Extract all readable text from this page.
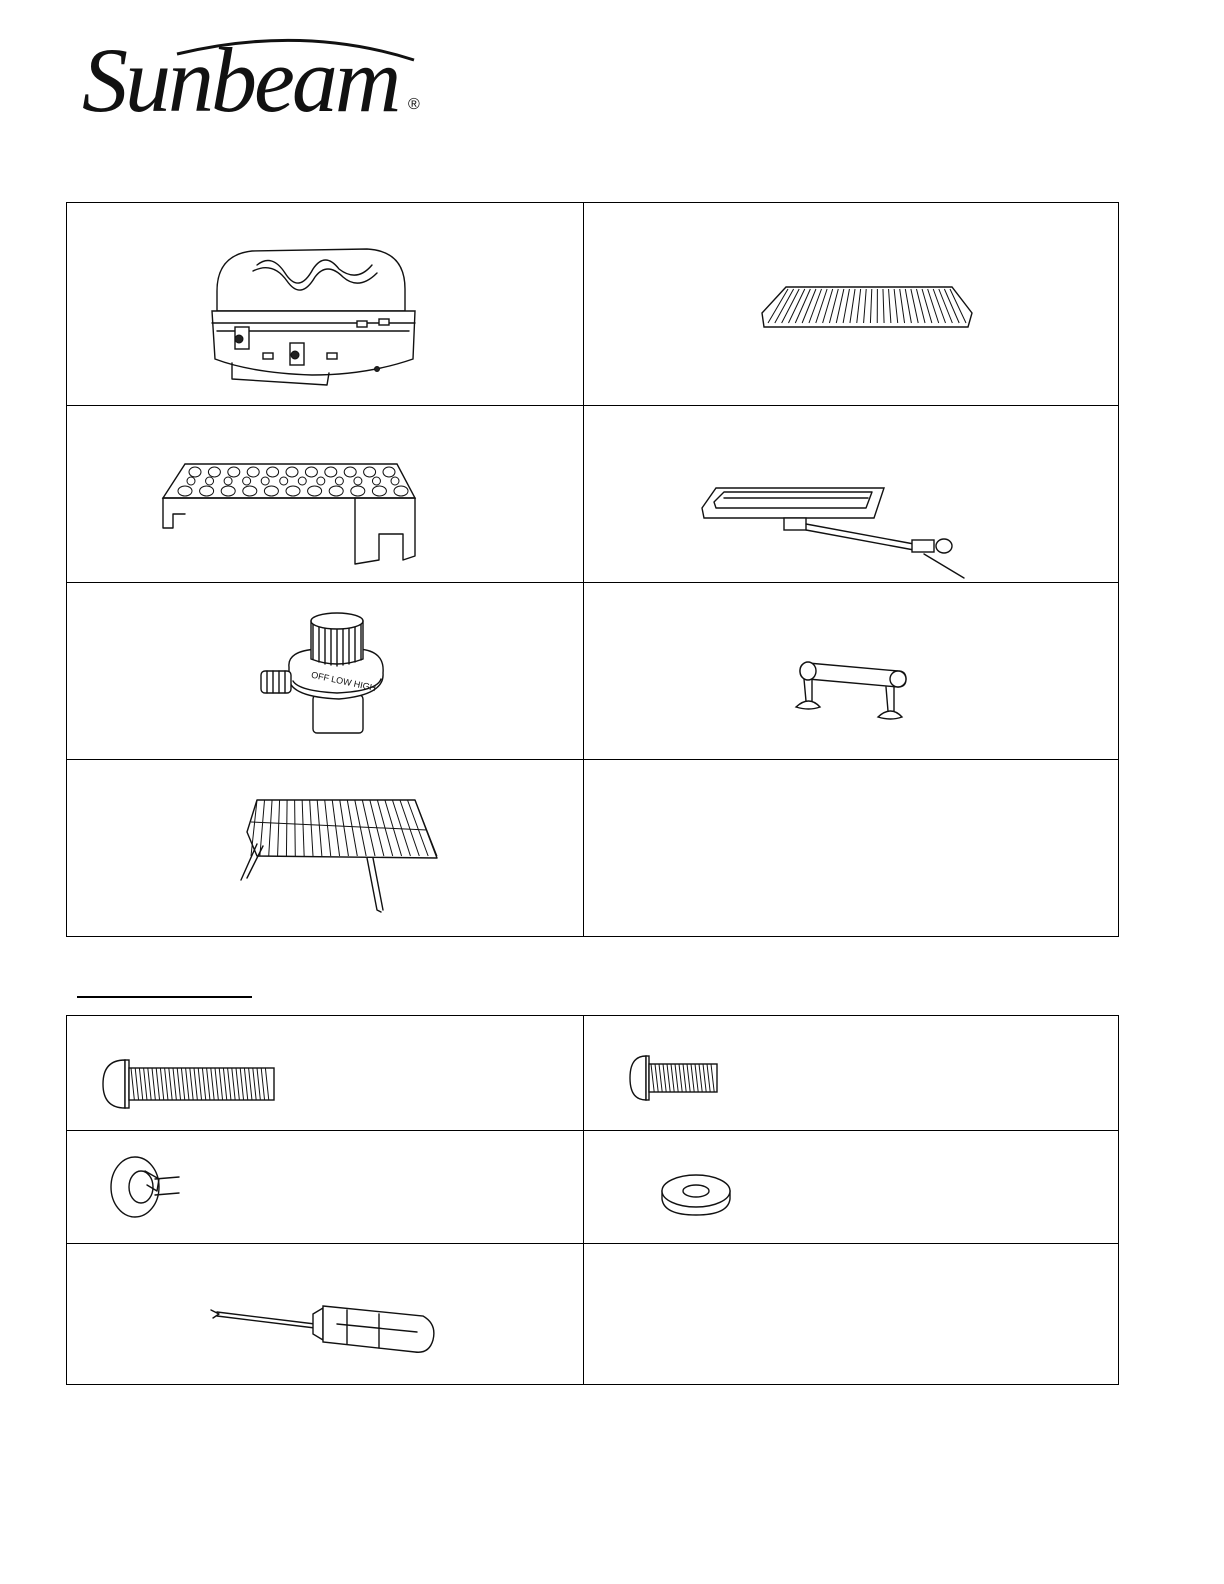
Sunbeam ®

OFF LOW HIGH
